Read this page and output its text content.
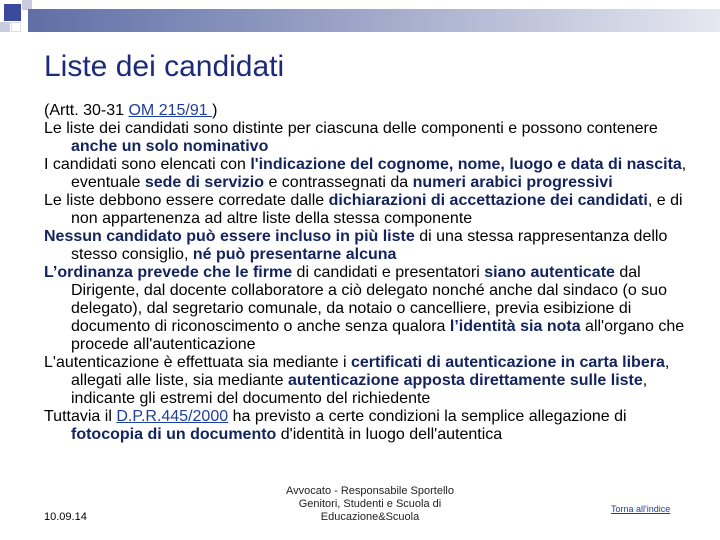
Liste dei candidati
(Artt. 30-31 OM 215/91 )
Le liste dei candidati sono distinte per ciascuna delle componenti e possono contenere anche un solo nominativo
I candidati sono elencati con l'indicazione del cognome, nome, luogo e data di nascita, eventuale sede di servizio e contrassegnati da numeri arabici progressivi
Le liste debbono essere corredate dalle dichiarazioni di accettazione dei candidati, e di non appartenenza ad altre liste della stessa componente
Nessun candidato può essere incluso in più liste di una stessa rappresentanza dello stesso consiglio, né può presentarne alcuna
L’ordinanza prevede che le firme di candidati e presentatori siano autenticate dal Dirigente, dal docente collaboratore a ciò delegato nonché anche dal sindaco (o suo delegato), dal segretario comunale, da notaio o cancelliere, previa esibizione di documento di riconoscimento o anche senza qualora l’identità sia nota all'organo che procede all'autenticazione
L'autenticazione è effettuata sia mediante i certificati di autenticazione in carta libera, allegati alle liste, sia mediante autenticazione apposta direttamente sulle liste, indicante gli estremi del documento del richiedente
Tuttavia il D.P.R.445/2000 ha previsto a certe condizioni la semplice allegazione di fotocopia di un documento d'identità in luogo dell'autentica
10.09.14
Avvocato - Responsabile Sportello Genitori, Studenti e Scuola di Educazione&Scuola
Torna all'indice
